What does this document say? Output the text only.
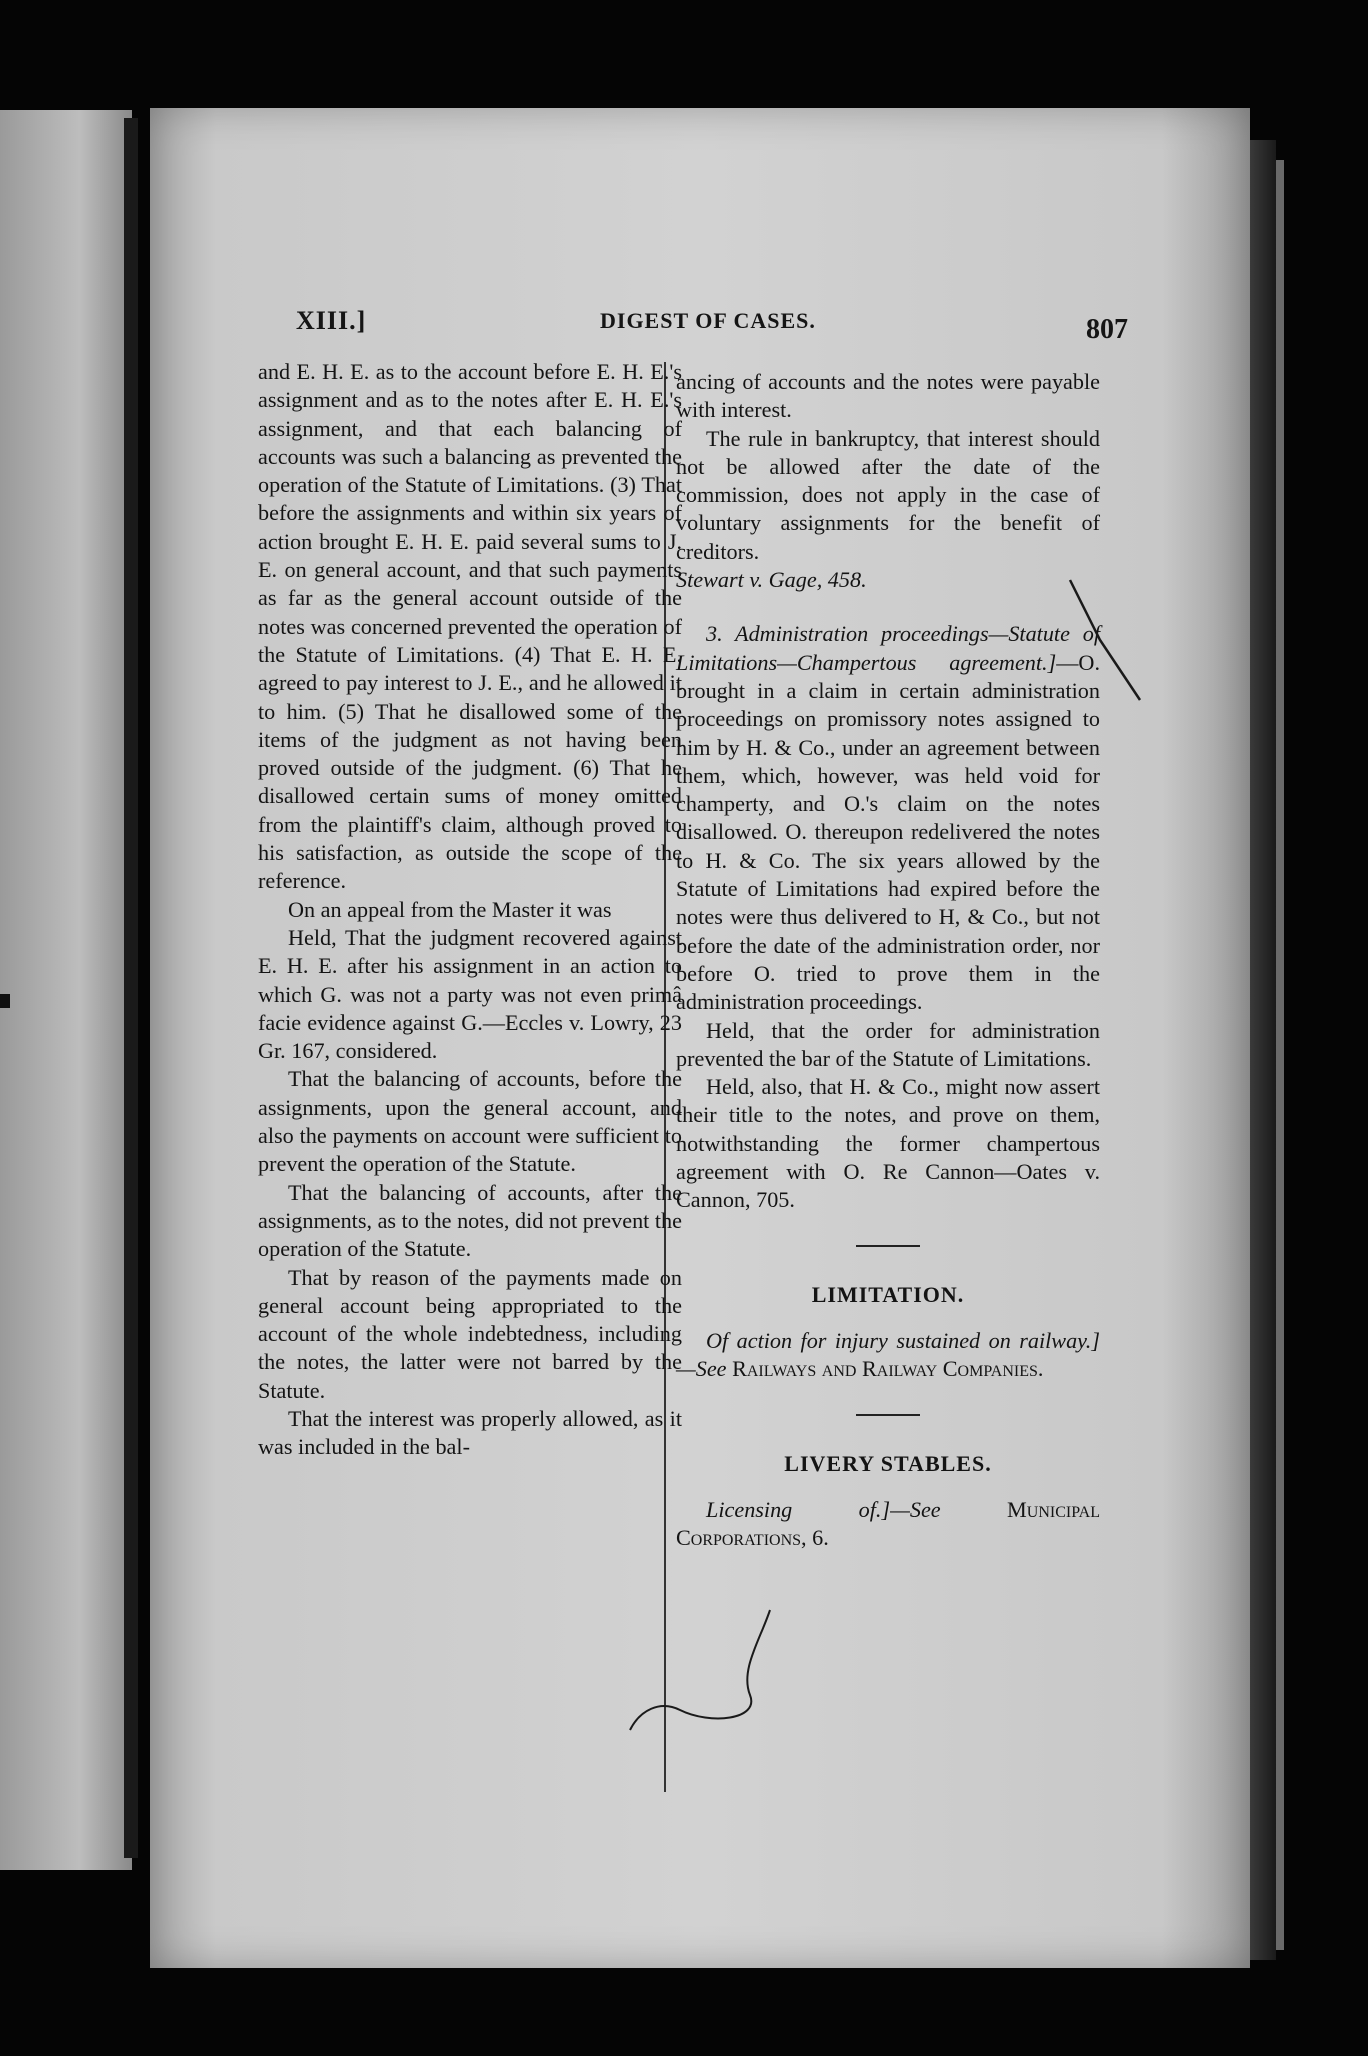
XIII.]	DIGEST OF CASES.	807

and E. H. E. as to the account before E. H. E.'s assignment and as to the notes after E. H. E.'s assignment, and that each balancing of accounts was such a balancing as prevented the operation of the Statute of Limitations. (3) That before the assignments and within six years of action brought E. H. E. paid several sums to J. E. on general account, and that such payments as far as the general account outside of the notes was concerned prevented the operation of the Statute of Limitations. (4) That E. H. E. agreed to pay interest to J. E., and he allowed it to him. (5) That he disallowed some of the items of the judgment as not having been proved outside of the judgment. (6) That he disallowed certain sums of money omitted from the plaintiff's claim, although proved to his satisfaction, as outside the scope of the reference.

On an appeal from the Master it was

Held, That the judgment recovered against E. H. E. after his assignment in an action to which G. was not a party was not even primâ facie evidence against G.—Eccles v. Lowry, 23 Gr. 167, considered.

That the balancing of accounts, before the assignments, upon the general account, and also the payments on account were sufficient to prevent the operation of the Statute.

That the balancing of accounts, after the assignments, as to the notes, did not prevent the operation of the Statute.

That by reason of the payments made on general account being appropriated to the account of the whole indebtedness, including the notes, the latter were not barred by the Statute.

That the interest was properly allowed, as it was included in the bal-

ancing of accounts and the notes were payable with interest.

The rule in bankruptcy, that interest should not be allowed after the date of the commission, does not apply in the case of voluntary assignments for the benefit of creditors.

Stewart v. Gage, 458.

3. Administration proceedings—Statute of Limitations—Champertous agreement.]—O. brought in a claim in certain administration proceedings on promissory notes assigned to him by H. & Co., under an agreement between them, which, however, was held void for champerty, and O.'s claim on the notes disallowed. O. thereupon redelivered the notes to H. & Co. The six years allowed by the Statute of Limitations had expired before the notes were thus delivered to H, & Co., but not before the date of the administration order, nor before O. tried to prove them in the administration proceedings.

Held, that the order for administration prevented the bar of the Statute of Limitations.

Held, also, that H. & Co., might now assert their title to the notes, and prove on them, notwithstanding the former champertous agreement with O. Re Cannon—Oates v. Cannon, 705.

LIMITATION.

Of action for injury sustained on railway.]—See Railways and Railway Companies.

LIVERY STABLES.

Licensing of.]—See Municipal Corporations, 6.
